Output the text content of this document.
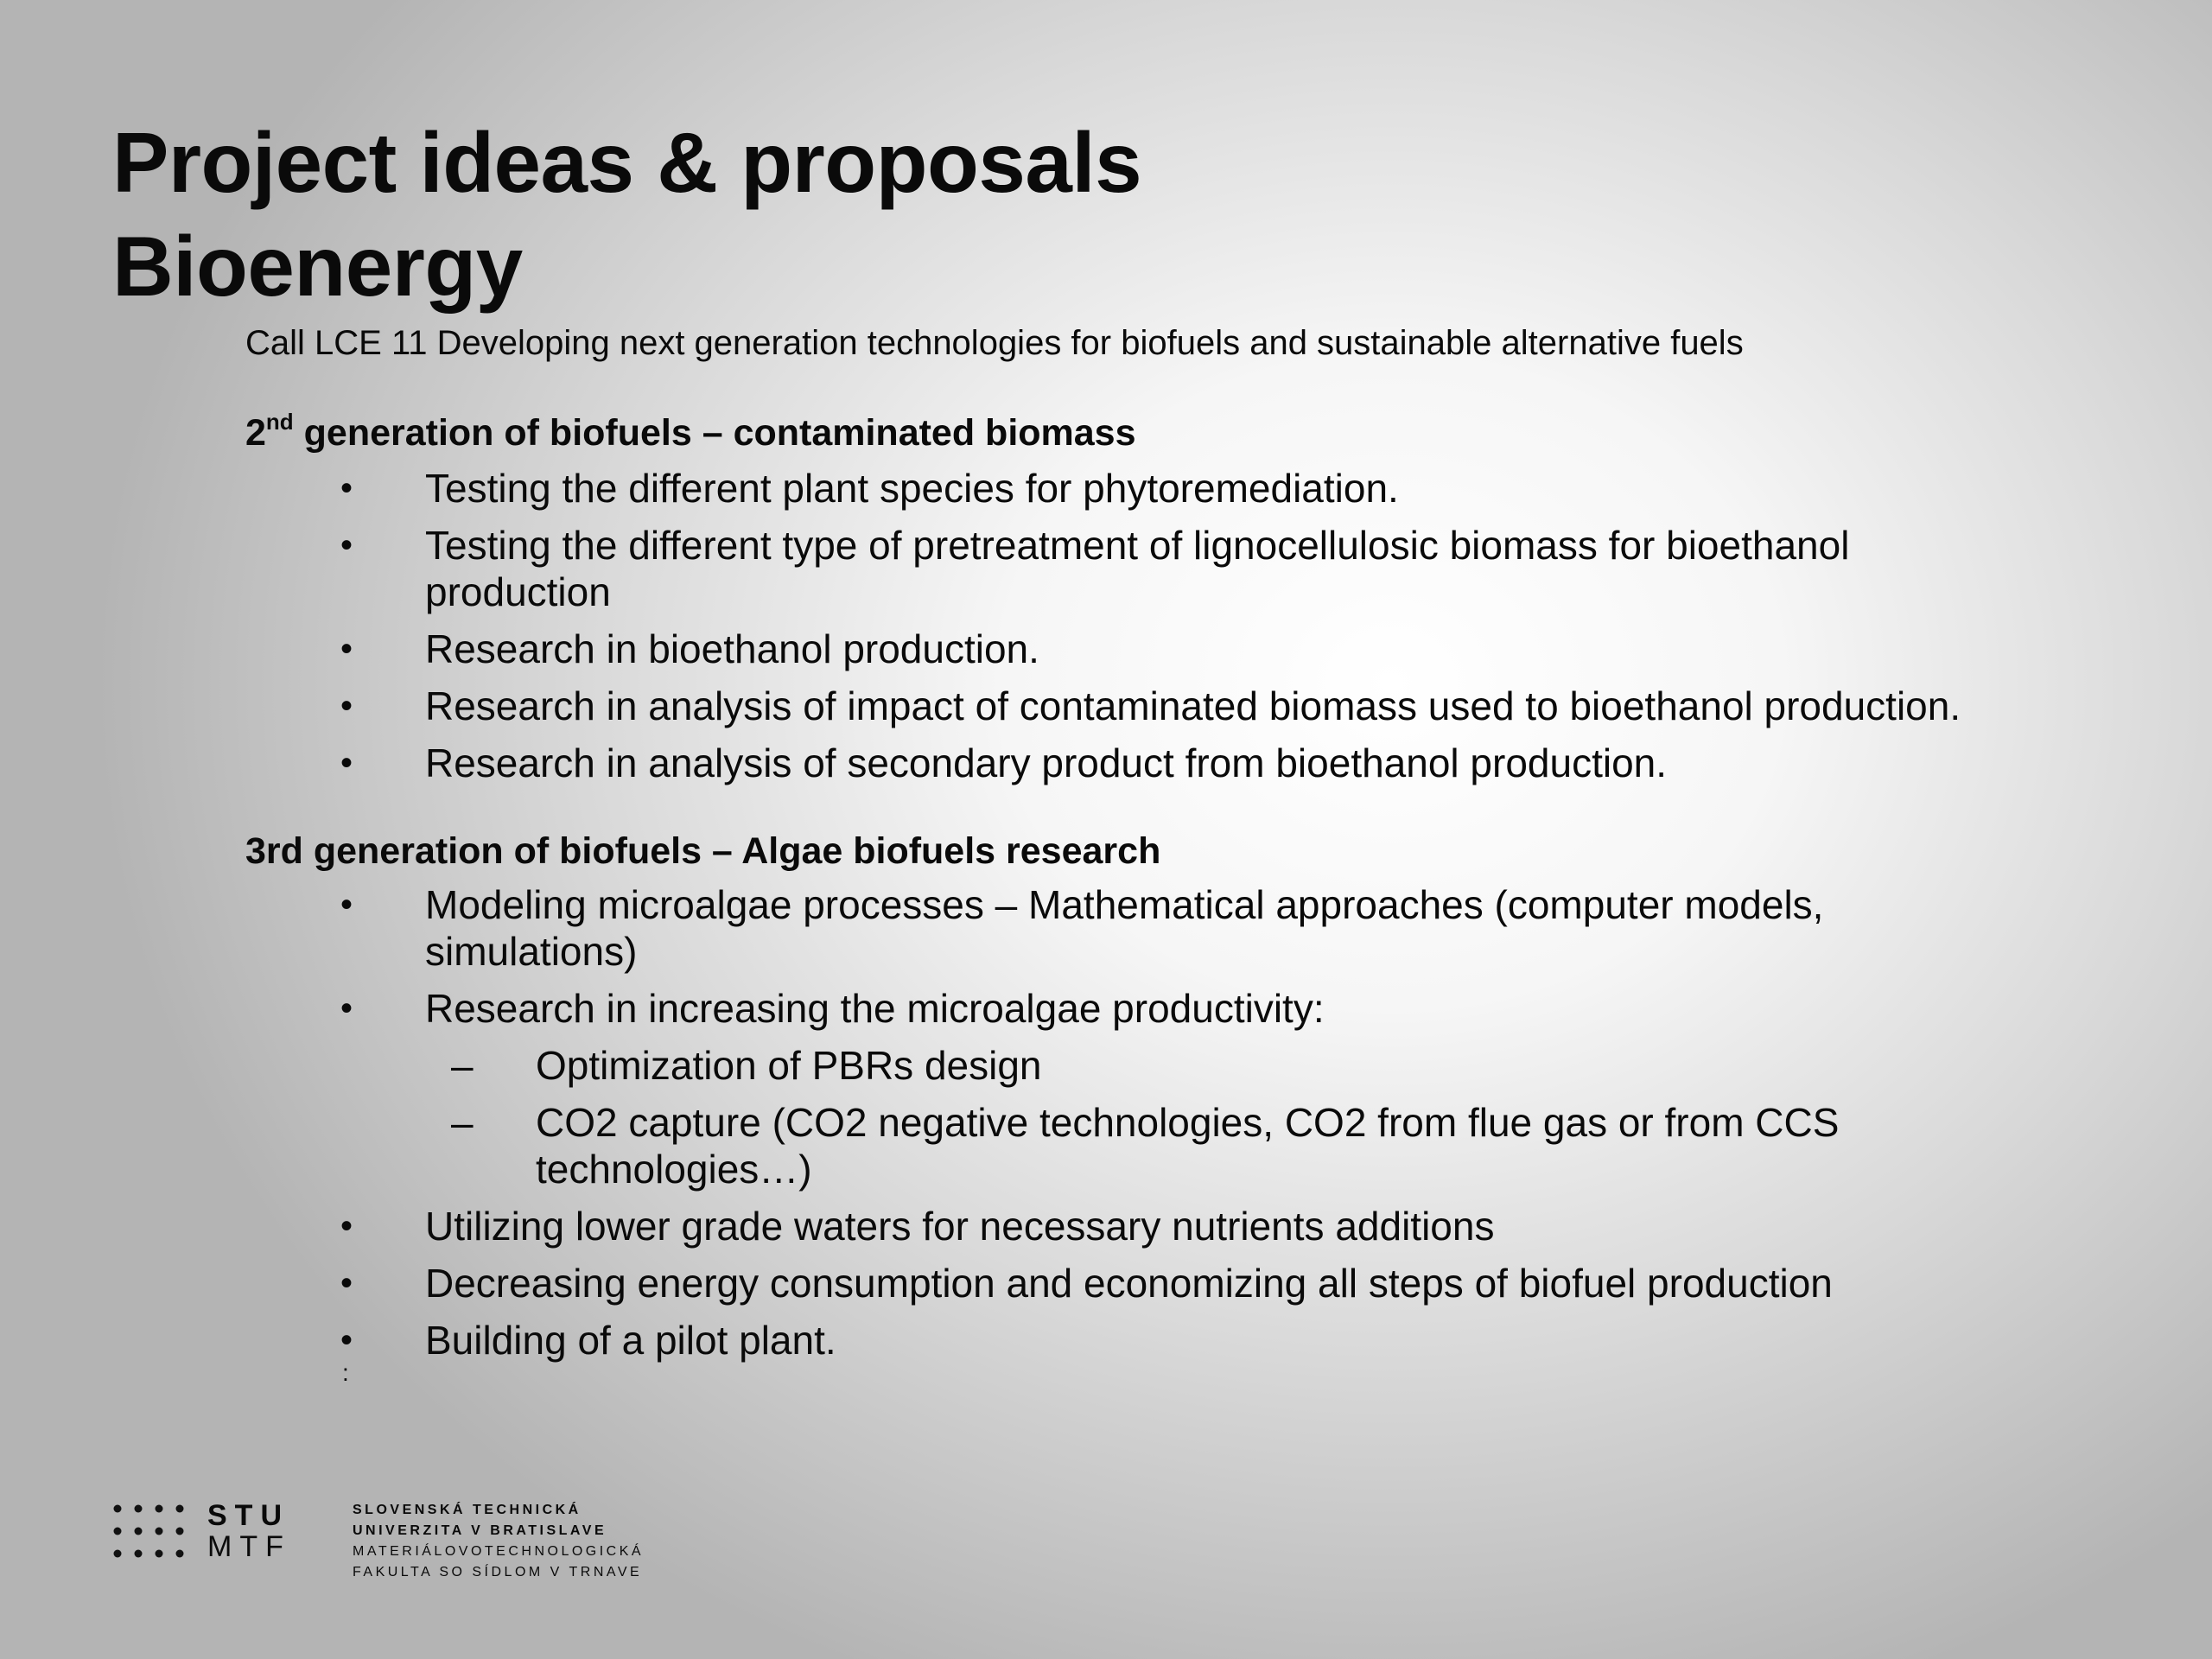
Project ideas & proposals
Bioenergy
Call LCE 11 Developing next generation technologies for biofuels and sustainable alternative fuels
2nd generation of biofuels – contaminated biomass
•	Testing the different plant species for phytoremediation.
•	Testing the different type of pretreatment of lignocellulosic biomass for bioethanol production
•	Research in bioethanol production.
•	Research in analysis of impact of contaminated biomass used to bioethanol production.
•	Research in analysis of secondary product from bioethanol production.
3rd generation of biofuels – Algae biofuels research
•	Modeling microalgae processes – Mathematical approaches (computer models, simulations)
•	Research in increasing the microalgae productivity:
– Optimization of PBRs design
– CO2 capture (CO2 negative technologies, CO2 from flue gas or from CCS technologies…)
•	Utilizing lower grade waters for necessary nutrients additions
•	Decreasing energy consumption and economizing all steps of biofuel production
•	Building of a pilot plant.
:
STU
MTF
SLOVENSKÁ TECHNICKÁ
UNIVERZITA V BRATISLAVE
MATERIÁLOVOTECHNOLOGICKÁ
FAKULTA SO SÍDLOM V TRNAVE
